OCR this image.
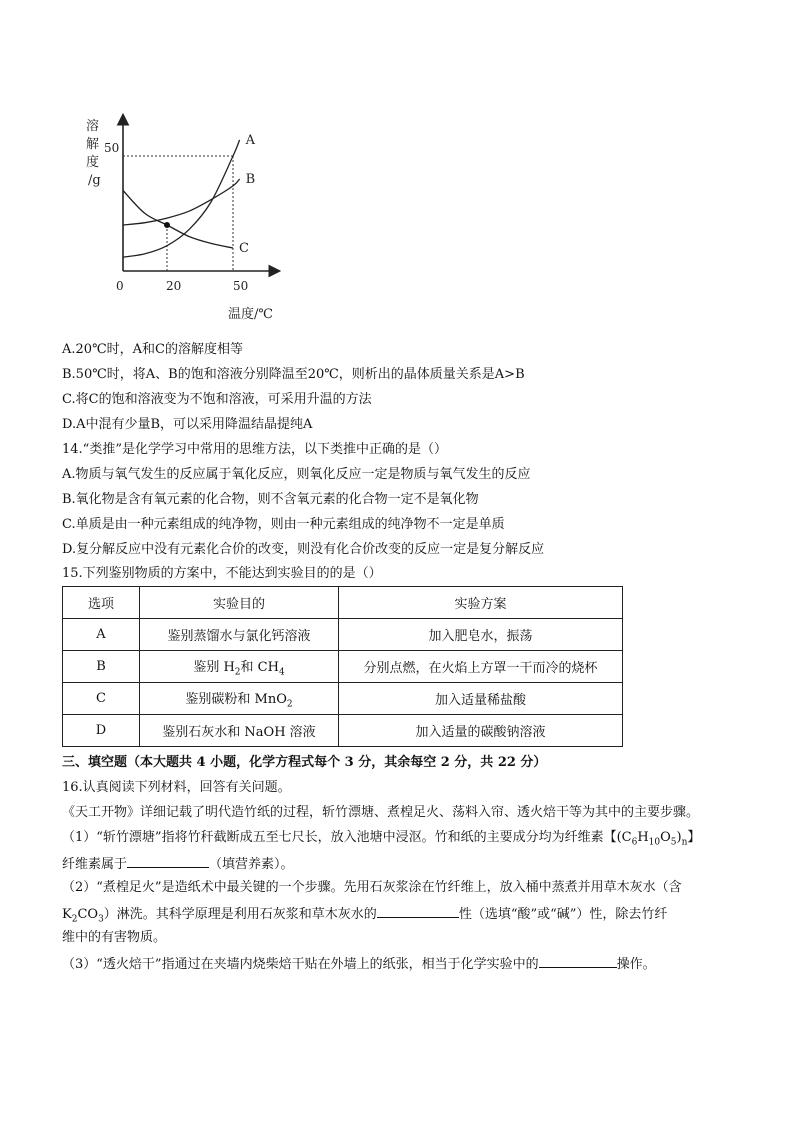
A
B
C
溶
解
度
/g
50
0	20	50
温度/℃
A.20℃时，A和C的溶解度相等
B.50℃时，将A、B的饱和溶液分别降温至20℃，则析出的晶体质量关系是A>B
C.将C的饱和溶液变为不饱和溶液，可采用升温的方法
D.A中混有少量B，可以采用降温结晶提纯A
14.“类推”是化学学习中常用的思维方法，以下类推中正确的是（）
A.物质与氧气发生的反应属于氧化反应，则氧化反应一定是物质与氧气发生的反应
B.氧化物是含有氧元素的化合物，则不含氧元素的化合物一定不是氧化物
C.单质是由一种元素组成的纯净物，则由一种元素组成的纯净物不一定是单质
D.复分解反应中没有元素化合价的改变，则没有化合价改变的反应一定是复分解反应
15.下列鉴别物质的方案中，不能达到实验目的的是（）
选项	实验目的	实验方案
A	鉴别蒸馏水与氯化钙溶液	加入肥皂水，振荡
B	鉴别 $H_2$和 $CH_4$	分别点燃，在火焰上方罩一干而冷的烧杯
C	鉴别碳粉和 MnO$_2$	加入适量稀盐酸
D	鉴别石灰水和 NaOH 溶液	加入适量的碳酸钠溶液
三、填空题（本大题共 4 小题，化学方程式每个 3 分，其余每空 2 分，共 22 分）
16.认真阅读下列材料，回答有关问题。
《天工开物》详细记载了明代造竹纸的过程，斩竹漂塘、煮楻足火、荡料入帘、透火焙干等为其中的主要步骤。
（1）“斩竹漂塘”指将竹秆截断成五至七尺长，放入池塘中浸沤。竹和纸的主要成分均为纤维素【$(C_6H_{10}O_5)_n$】
纤维素属于	（填营养素）。
（2）“煮楻足火”是造纸术中最关键的一个步骤。先用石灰浆涂在竹纤维上，放入桶中蒸煮并用草木灰水（含
$K_2CO_3$）淋洗。其科学原理是利用石灰浆和草木灰水的	性（选填“酸”或“碱”）性，除去竹纤
维中的有害物质。
（3）“透火焙干”指通过在夹墙内烧柴焙干贴在外墙上的纸张，相当于化学实验中的	操作。
